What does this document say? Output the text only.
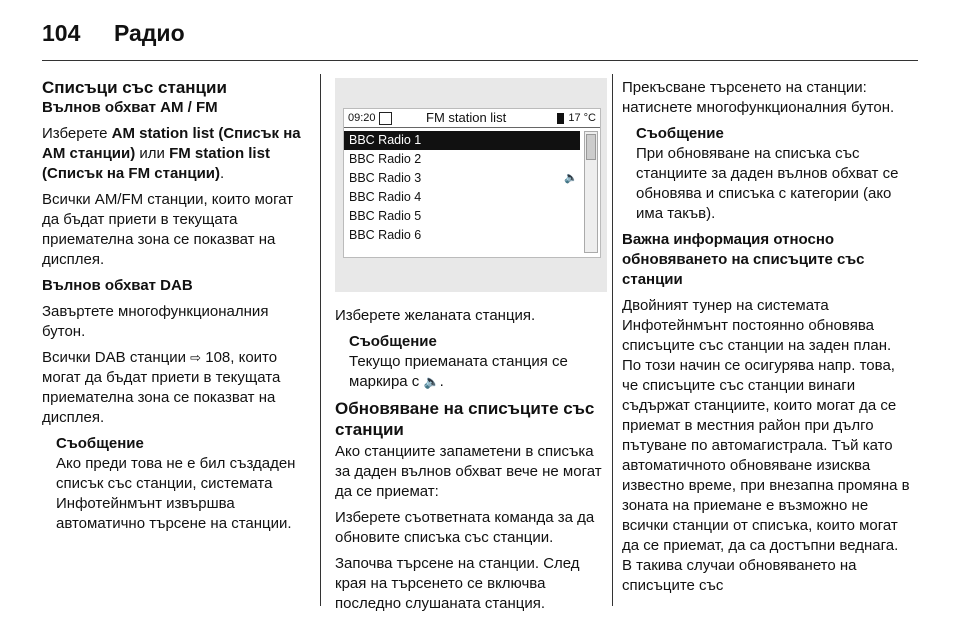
104	Радио
Списъци със станции
Вълнов обхват AM / FM

Изберете AM station list (Списък на AM станции) или FM station list (Списък на FM станции).

Всички AM/FM станции, които могат да бъдат приети в текущата приемателна зона се показват на дисплея.

Вълнов обхват DAB

Завъртете многофункционалния бутон.

Всички DAB станции ⇨ 108, които могат да бъдат приети в текущата приемателна зона се показват на дисплея.

Съобщение
Ако преди това не е бил създаден списък със станции, системата Инфотейнмънт извършва автоматично търсене на станции.
09:20	FM station list	17 °C
BBC Radio 1
BBC Radio 2
BBC Radio 3	🔈
BBC Radio 4
BBC Radio 5
BBC Radio 6

Изберете желаната станция.

Съобщение
Текущо приеманата станция се маркира с 🔈.
Обновяване на списъците със станции

Ако станциите запаметени в списъка за даден вълнов обхват вече не могат да се приемат:

Изберете съответната команда за да обновите списъка със станции.

Започва търсене на станции. След края на търсенето се включва последно слушаната станция.

Прекъсване търсенето на станции: натиснете многофункционалния бутон.

Съобщение
При обновяване на списъка със станциите за даден вълнов обхват се обновява и списъка с категории (ако има такъв).
Важна информация относно обновяването на списъците със станции

Двойният тунер на системата Инфотейнмънт постоянно обновява списъците със станции на заден план. По този начин се осигурява напр. това, че списъците със станции винаги съдържат станциите, които могат да се приемат в местния район при дълго пътуване по автомагистрала. Тъй като автоматичното обновяване изисква известно време, при внезапна промяна в зоната на приемане е възможно не всички станции от списъка, които могат да се приемат, да са достъпни веднага. В такива случаи обновяването на списъците със
